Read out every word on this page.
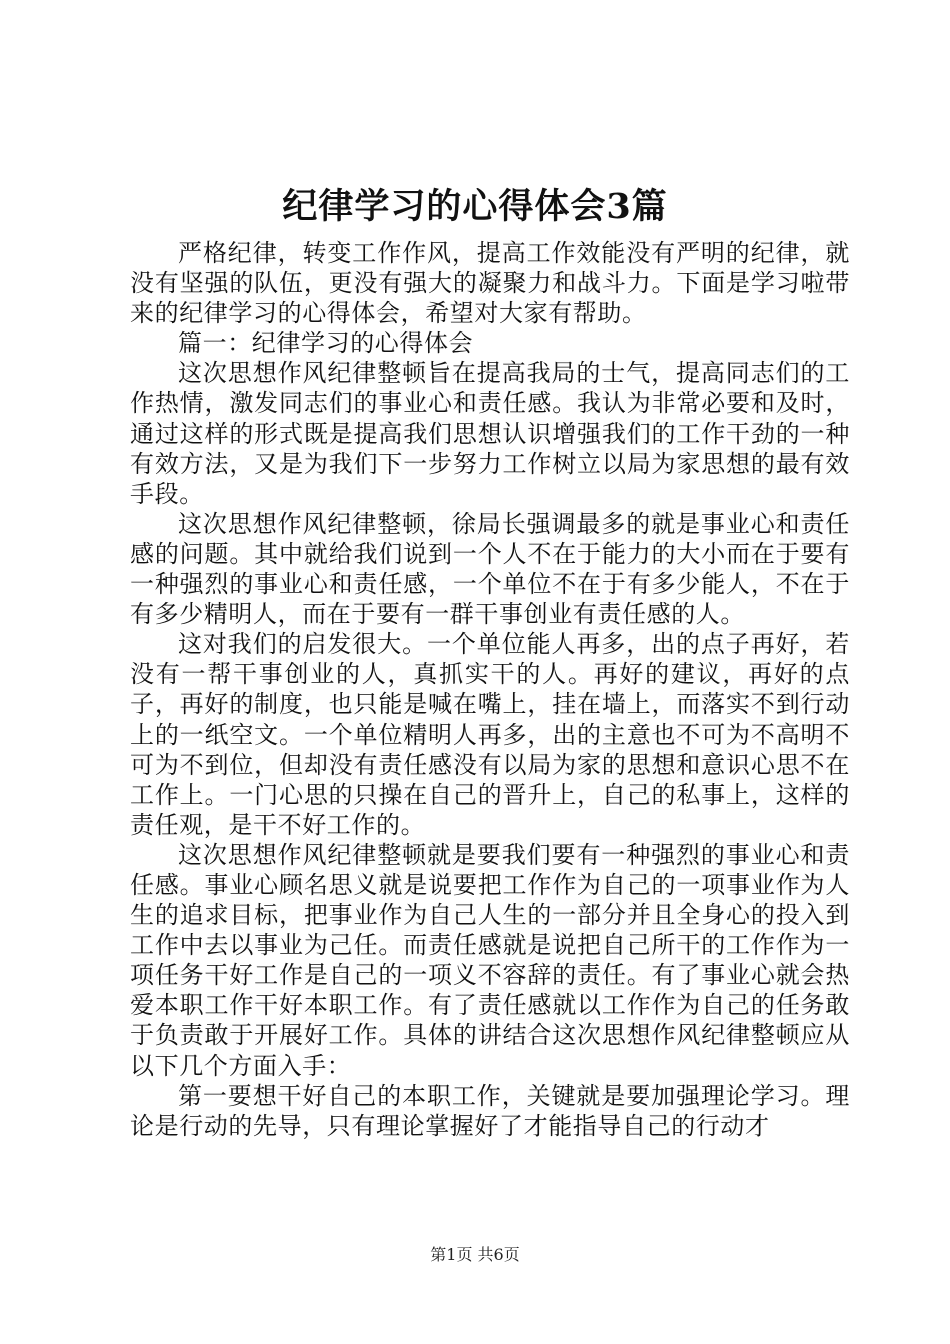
纪律学习的心得体会3篇

严格纪律，转变工作作风，提高工作效能没有严明的纪律，就没有坚强的队伍，更没有强大的凝聚力和战斗力。下面是学习啦带来的纪律学习的心得体会，希望对大家有帮助。

篇一：纪律学习的心得体会

这次思想作风纪律整顿旨在提高我局的士气，提高同志们的工作热情，激发同志们的事业心和责任感。我认为非常必要和及时，通过这样的形式既是提高我们思想认识增强我们的工作干劲的一种有效方法，又是为我们下一步努力工作树立以局为家思想的最有效手段。

这次思想作风纪律整顿，徐局长强调最多的就是事业心和责任感的问题。其中就给我们说到一个人不在于能力的大小而在于要有一种强烈的事业心和责任感，一个单位不在于有多少能人，不在于有多少精明人，而在于要有一群干事创业有责任感的人。

这对我们的启发很大。一个单位能人再多，出的点子再好，若没有一帮干事创业的人，真抓实干的人。再好的建议，再好的点子，再好的制度，也只能是喊在嘴上，挂在墙上，而落实不到行动上的一纸空文。一个单位精明人再多，出的主意也不可为不高明不可为不到位，但却没有责任感没有以局为家的思想和意识心思不在工作上。一门心思的只操在自己的晋升上，自己的私事上，这样的责任观，是干不好工作的。

这次思想作风纪律整顿就是要我们要有一种强烈的事业心和责任感。事业心顾名思义就是说要把工作作为自己的一项事业作为人生的追求目标，把事业作为自己人生的一部分并且全身心的投入到工作中去以事业为己任。而责任感就是说把自己所干的工作作为一项任务干好工作是自己的一项义不容辞的责任。有了事业心就会热爱本职工作干好本职工作。有了责任感就以工作作为自己的任务敢于负责敢于开展好工作。具体的讲结合这次思想作风纪律整顿应从以下几个方面入手：

第一要想干好自己的本职工作，关键就是要加强理论学习。理论是行动的先导，只有理论掌握好了才能指导自己的行动才

第1页 共6页
